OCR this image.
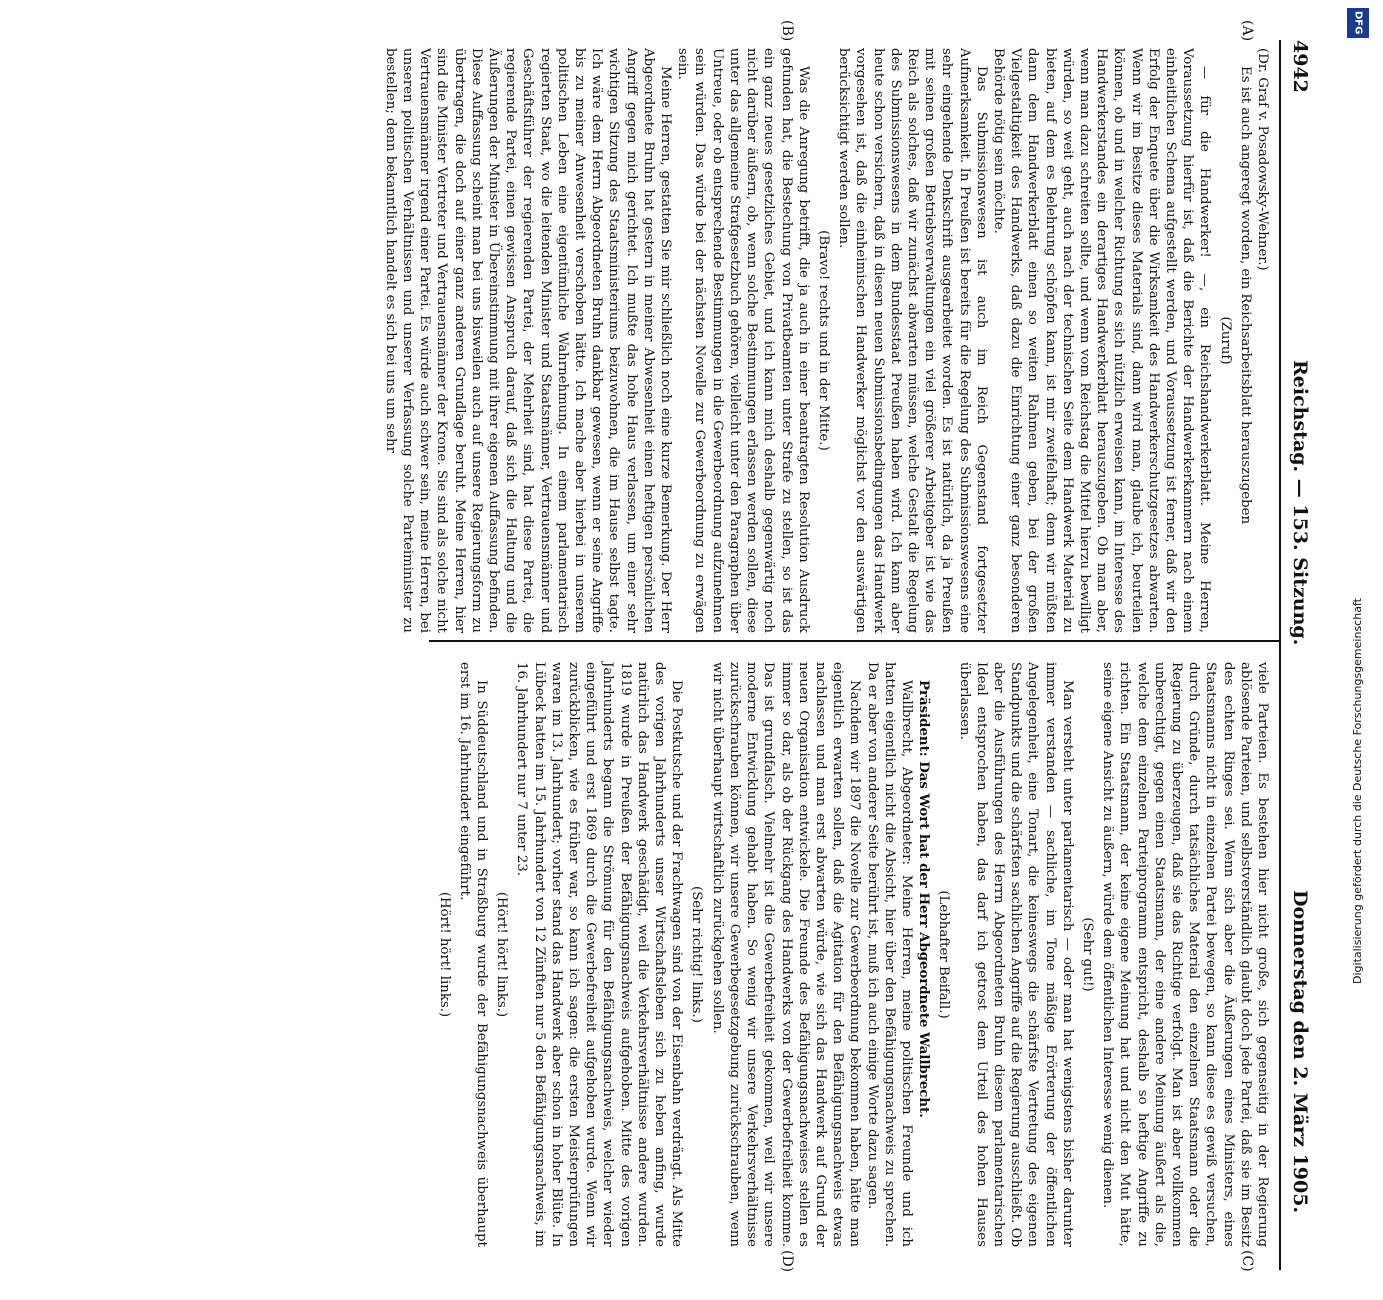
4942
Reichstag. — 153. Sitzung.
Donnerstag den 2. März 1905.
(A)
(B)
(C)
(D)

(Dr. Graf v. Posadowsky-Wehner.)

Es ist auch angeregt worden, ein Reichsarbeitsblatt herauszugeben

(Zuruf)

— für die Handwerker! —, ein Reichshandwerkerblatt. Meine Herren, Voraussetzung hierfür ist, daß die Berichte der Handwerkerkammern nach einem einheitlichen Schema aufgestellt werden, und Voraussetzung ist ferner, daß wir den Erfolg der Enquete über die Wirksamkeit des Handwerkerschutzgesetzes abwarten. Wenn wir im Besitze dieses Materials sind, dann wird man, glaube ich, beurteilen können, ob und in welcher Richtung es sich nützlich erweisen kann, im Interesse des Handwerkerstandes ein derartiges Handwerkerblatt herauszugeben. Ob man aber, wenn man dazu schreiten sollte, und wenn vom Reichstag die Mittel hierzu bewilligt würden, so weit geht, auch nach der technischen Seite dem Handwerk Material zu bieten, auf dem es Belehrung schöpfen kann, ist mir zweifelhaft; denn wir müßten dann dem Handwerkerblatt einen so weiten Rahmen geben, bei der großen Vielgestaltigkeit des Handwerks, daß dazu die Einrichtung einer ganz besonderen Behörde nötig sein möchte.

Das Submissionswesen ist auch im Reich Gegenstand fortgesetzter Aufmerksamkeit. In Preußen ist bereits für die Regelung des Submissionswesens eine sehr eingehende Denkschrift ausgearbeitet worden. Es ist natürlich, da ja Preußen mit seinen großen Betriebsverwaltungen ein viel größerer Arbeitgeber ist wie das Reich als solches, daß wir zunächst abwarten müssen, welche Gestalt die Regelung des Submissionswesens in dem Bundesstaat Preußen haben wird. Ich kann aber heute schon versichern, daß in diesen neuen Submissionsbedingungen das Handwerk vorgesehen ist, daß die einheimischen Handwerker möglichst vor den auswärtigen berücksichtigt werden sollen.

(Bravo! rechts und in der Mitte.)

Was die Anregung betrifft, die ja auch in einer beantragten Resolution Ausdruck gefunden hat, die Bestechung von Privatbeamten unter Strafe zu stellen, so ist das ein ganz neues gesetzliches Gebiet, und ich kann mich deshalb gegenwärtig noch nicht darüber äußern, ob, wenn solche Bestimmungen erlassen werden sollen, diese unter das allgemeine Strafgesetzbuch gehören, vielleicht unter den Paragraphen über Untreue, oder ob entsprechende Bestimmungen in die Gewerbeordnung aufzunehmen sein würden. Das würde bei der nächsten Novelle zur Gewerbeordnung zu erwägen sein.

Meine Herren, gestatten Sie mir schließlich noch eine kurze Bemerkung. Der Herr Abgeordnete Bruhn hat gestern in meiner Abwesenheit einen heftigen persönlichen Angriff gegen mich gerichtet. Ich mußte das hohe Haus verlassen, um einer sehr wichtigen Sitzung des Staatsministeriums beizuwohnen, die im Hause selbst tagte. Ich wäre dem Herrn Abgeordneten Bruhn dankbar gewesen, wenn er seine Angriffe bis zu meiner Anwesenheit verschoben hätte. Ich mache aber hierbei in unserem politischen Leben eine eigentümliche Wahrnehmung. In einem parlamentarisch regierten Staat, wo die leitenden Minister und Staatsmänner, Vertrauensmänner und Geschäftsführer der regierenden Partei, der Mehrheit sind, hat diese Partei, die regierende Partei, einen gewissen Anspruch darauf, daß sich die Haltung und die Äußerungen der Minister in Übereinstimmung mit ihrer eigenen Auffassung befinden. Diese Auffassung scheint man bei uns bisweilen auch auf unsere Regierungsform zu übertragen, die doch auf einer ganz anderen Grundlage beruht. Meine Herren, hier sind die Minister Vertreter und Vertrauensmänner der Krone. Sie sind als solche nicht Vertrauensmänner irgend einer Partei. Es würde auch schwer sein, meine Herren, bei unseren politischen Verhältnissen und unserer Verfassung solche Parteiminister zu bestellen; denn bekanntlich handelt es sich bei uns um sehr

viele Parteien. Es bestehen hier nicht große, sich gegenseitig in der Regierung ablösende Parteien, und selbstverständlich glaubt doch jede Partei, daß sie im Besitz des echten Ringes sei. Wenn sich aber die Äußerungen eines Ministers, eines Staatsmanns nicht in einzelnen Partei bewegen, so kann diese es gewiß versuchen, durch Gründe, durch tatsächliches Material den einzelnen Staatsmann oder die Regierung zu überzeugen, daß sie das Richtige verfolgt. Man ist aber vollkommen unberechtigt, gegen einen Staatsmann, der eine andere Meinung äußert als die, welche dem einzelnen Parteiprogramm entspricht, deshalb so heftige Angriffe zu richten. Ein Staatsmann, der keine eigene Meinung hat und nicht den Mut hätte, seine eigene Ansicht zu äußern, würde dem öffentlichen Interesse wenig dienen.

(Sehr gut!)

Man versteht unter parlamentarisch — oder man hat wenigstens bisher darunter immer verstanden — sachliche, im Tone mäßige Erörterung der öffentlichen Angelegenheit, eine Tonart, die keineswegs die schärfste Vertretung des eigenen Standpunkts und die schärfsten sachlichen Angriffe auf die Regierung ausschließt. Ob aber die Ausführungen des Herrn Abgeordneten Bruhn diesem parlamentarischen Ideal entsprochen haben, das darf ich getrost dem Urteil des hohen Hauses überlassen.

(Lebhafter Beifall.)

Präsident: Das Wort hat der Herr Abgeordnete Wallbrecht.

Wallbrecht, Abgeordneter: Meine Herren, meine politischen Freunde und ich hatten eigentlich nicht die Absicht, hier über den Befähigungsnachweis zu sprechen. Da er aber von anderer Seite berührt ist, muß ich auch einige Worte dazu sagen.

Nachdem wir 1897 die Novelle zur Gewerbeordnung bekommen haben, hätte man eigentlich erwarten sollen, daß die Agitation für den Befähigungsnachweis etwas nachlassen und man erst abwarten würde, wie sich das Handwerk auf Grund der neuen Organisation entwickele. Die Freunde des Befähigungsnachweises stellen es immer so dar, als ob der Rückgang des Handwerks von der Gewerbefreiheit komme. Das ist grundfalsch. Vielmehr ist die Gewerbefreiheit gekommen, weil wir unsere moderne Entwicklung gehabt haben. So wenig wir unsere Verkehrsverhältnisse zurückschrauben können, wir unsere Gewerbegesetzgebung zurückschrauben, wenn wir nicht überhaupt wirtschaftlich zurückgehen sollen.

(Sehr richtig! links.)

Die Postkutsche und der Frachtwagen sind von der Eisenbahn verdrängt. Als Mitte des vorigen Jahrhunderts unser Wirtschaftsleben sich zu heben anfing, wurde natürlich das Handwerk geschädigt, weil die Verkehrsverhältnisse andere wurden. 1819 wurde in Preußen der Befähigungsnachweis aufgehoben. Mitte des vorigen Jahrhunderts begann die Strömung für den Befähigungsnachweis, welcher wieder eingeführt und erst 1869 durch die Gewerbefreiheit aufgehoben wurde. Wenn wir zurückblicken, wie es früher war, so kann ich sagen: die ersten Meisterprüfungen waren im 13. Jahrhundert; vorher stand das Handwerk aber schon in hoher Blüte. In Lübeck hatten im 15. Jahrhundert von 12 Zünften nur 5 den Befähigungsnachweis, im 16. Jahrhundert nur 7 unter 23.

(Hört! hört! links.)

In Süddeutschland und in Straßburg wurde der Befähigungsnachweis überhaupt erst im 16. Jahrhundert eingeführt.

(Hört! hört! links.)

DFG
Digitalisierung gefördert durch die Deutsche Forschungsgemeinschaft
